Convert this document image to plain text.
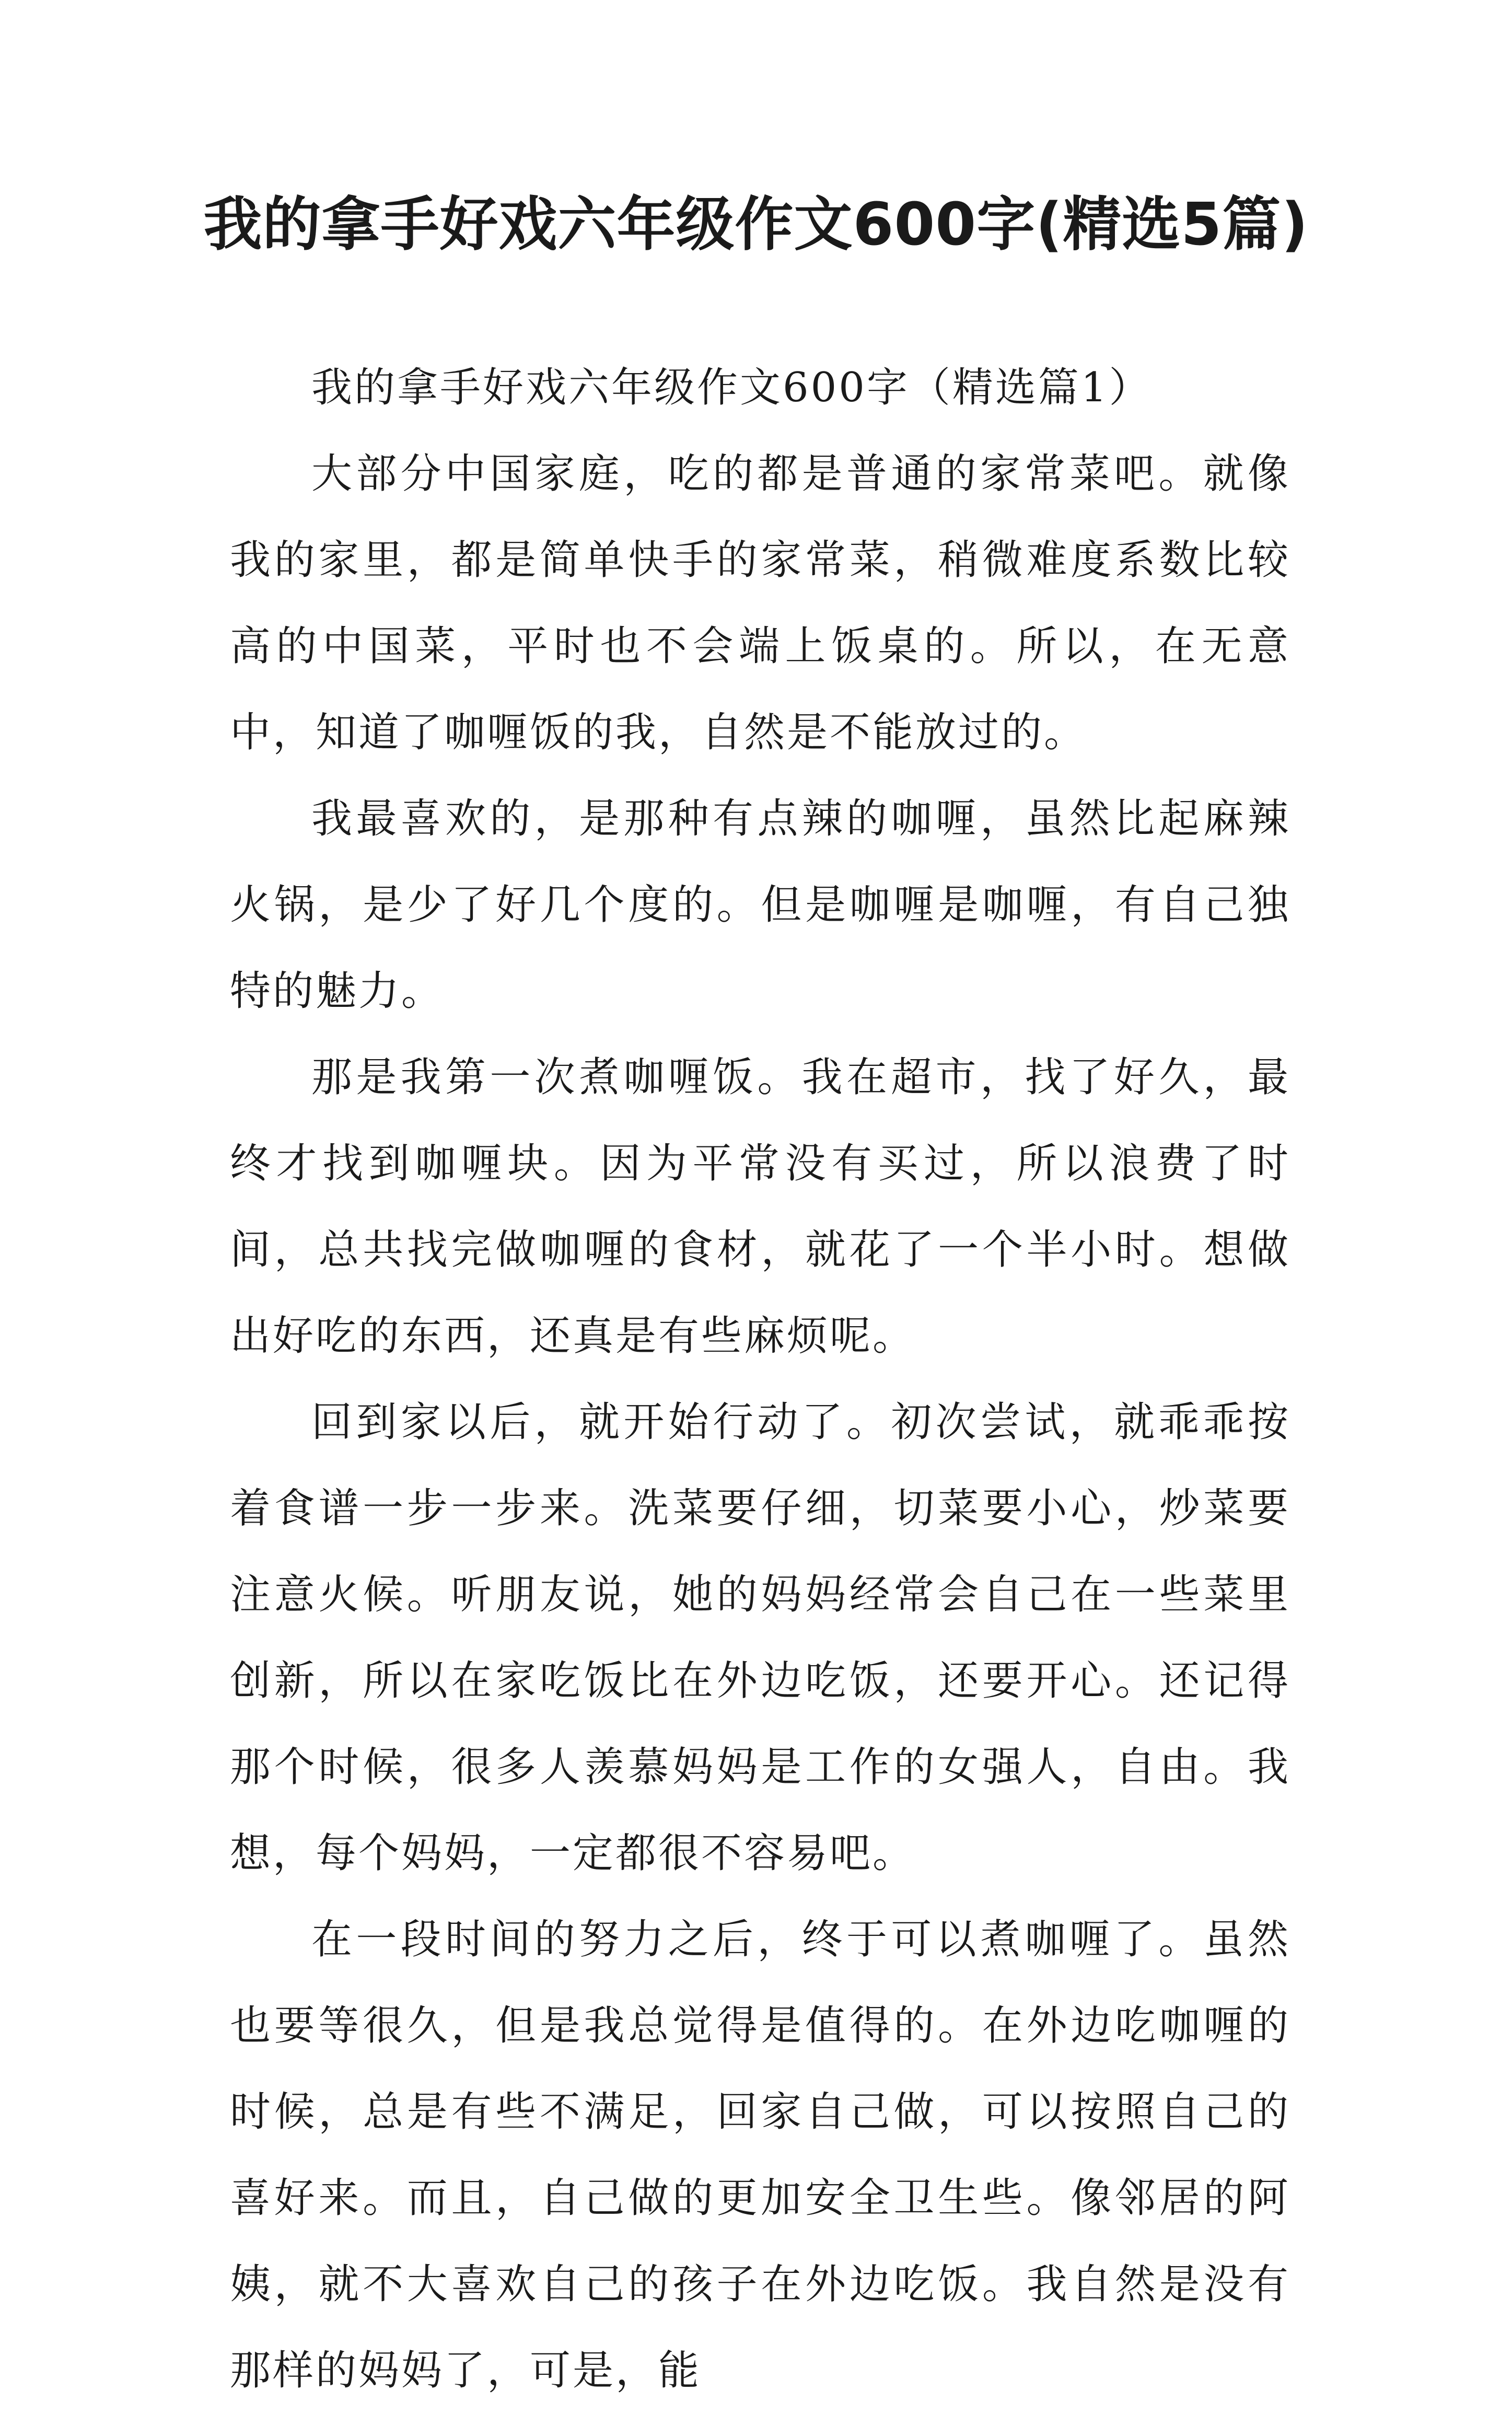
我的拿手好戏六年级作文600字(精选5篇)

我的拿手好戏六年级作文600字（精选篇1）

大部分中国家庭，吃的都是普通的家常菜吧。就像我的家里，都是简单快手的家常菜，稍微难度系数比较高的中国菜，平时也不会端上饭桌的。所以，在无意中，知道了咖喱饭的我，自然是不能放过的。

我最喜欢的，是那种有点辣的咖喱，虽然比起麻辣火锅，是少了好几个度的。但是咖喱是咖喱，有自己独特的魅力。

那是我第一次煮咖喱饭。我在超市，找了好久，最终才找到咖喱块。因为平常没有买过，所以浪费了时间，总共找完做咖喱的食材，就花了一个半小时。想做出好吃的东西，还真是有些麻烦呢。

回到家以后，就开始行动了。初次尝试，就乖乖按着食谱一步一步来。洗菜要仔细，切菜要小心，炒菜要注意火候。听朋友说，她的妈妈经常会自己在一些菜里创新，所以在家吃饭比在外边吃饭，还要开心。还记得那个时候，很多人羡慕妈妈是工作的女强人，自由。我想，每个妈妈，一定都很不容易吧。

在一段时间的努力之后，终于可以煮咖喱了。虽然也要等很久，但是我总觉得是值得的。在外边吃咖喱的时候，总是有些不满足，回家自己做，可以按照自己的喜好来。而且，自己做的更加安全卫生些。像邻居的阿姨，就不大喜欢自己的孩子在外边吃饭。我自然是没有那样的妈妈了，可是，能
